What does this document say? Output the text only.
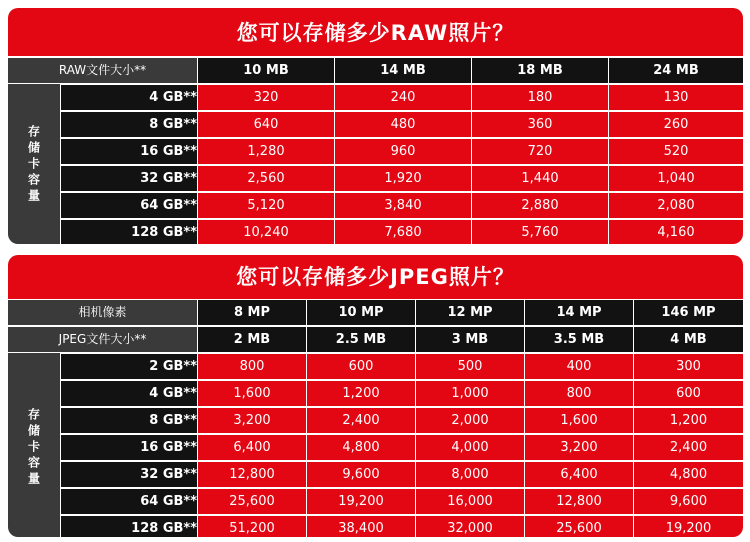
您可以存储多少RAW照片？
RAW文件大小**	10 MB	14 MB	18 MB	24 MB
存储卡容量
4 GB**	320	240	180	130
8 GB**	640	480	360	260
16 GB**	1,280	960	720	520
32 GB**	2,560	1,920	1,440	1,040
64 GB**	5,120	3,840	2,880	2,080
128 GB**	10,240	7,680	5,760	4,160
您可以存储多少JPEG照片？
相机像素	8 MP	10 MP	12 MP	14 MP	146 MP
JPEG文件大小**	2 MB	2.5 MB	3 MB	3.5 MB	4 MB
存储卡容量
2 GB**	800	600	500	400	300
4 GB**	1,600	1,200	1,000	800	600
8 GB**	3,200	2,400	2,000	1,600	1,200
16 GB**	6,400	4,800	4,000	3,200	2,400
32 GB**	12,800	9,600	8,000	6,400	4,800
64 GB**	25,600	19,200	16,000	12,800	9,600
128 GB**	51,200	38,400	32,000	25,600	19,200
